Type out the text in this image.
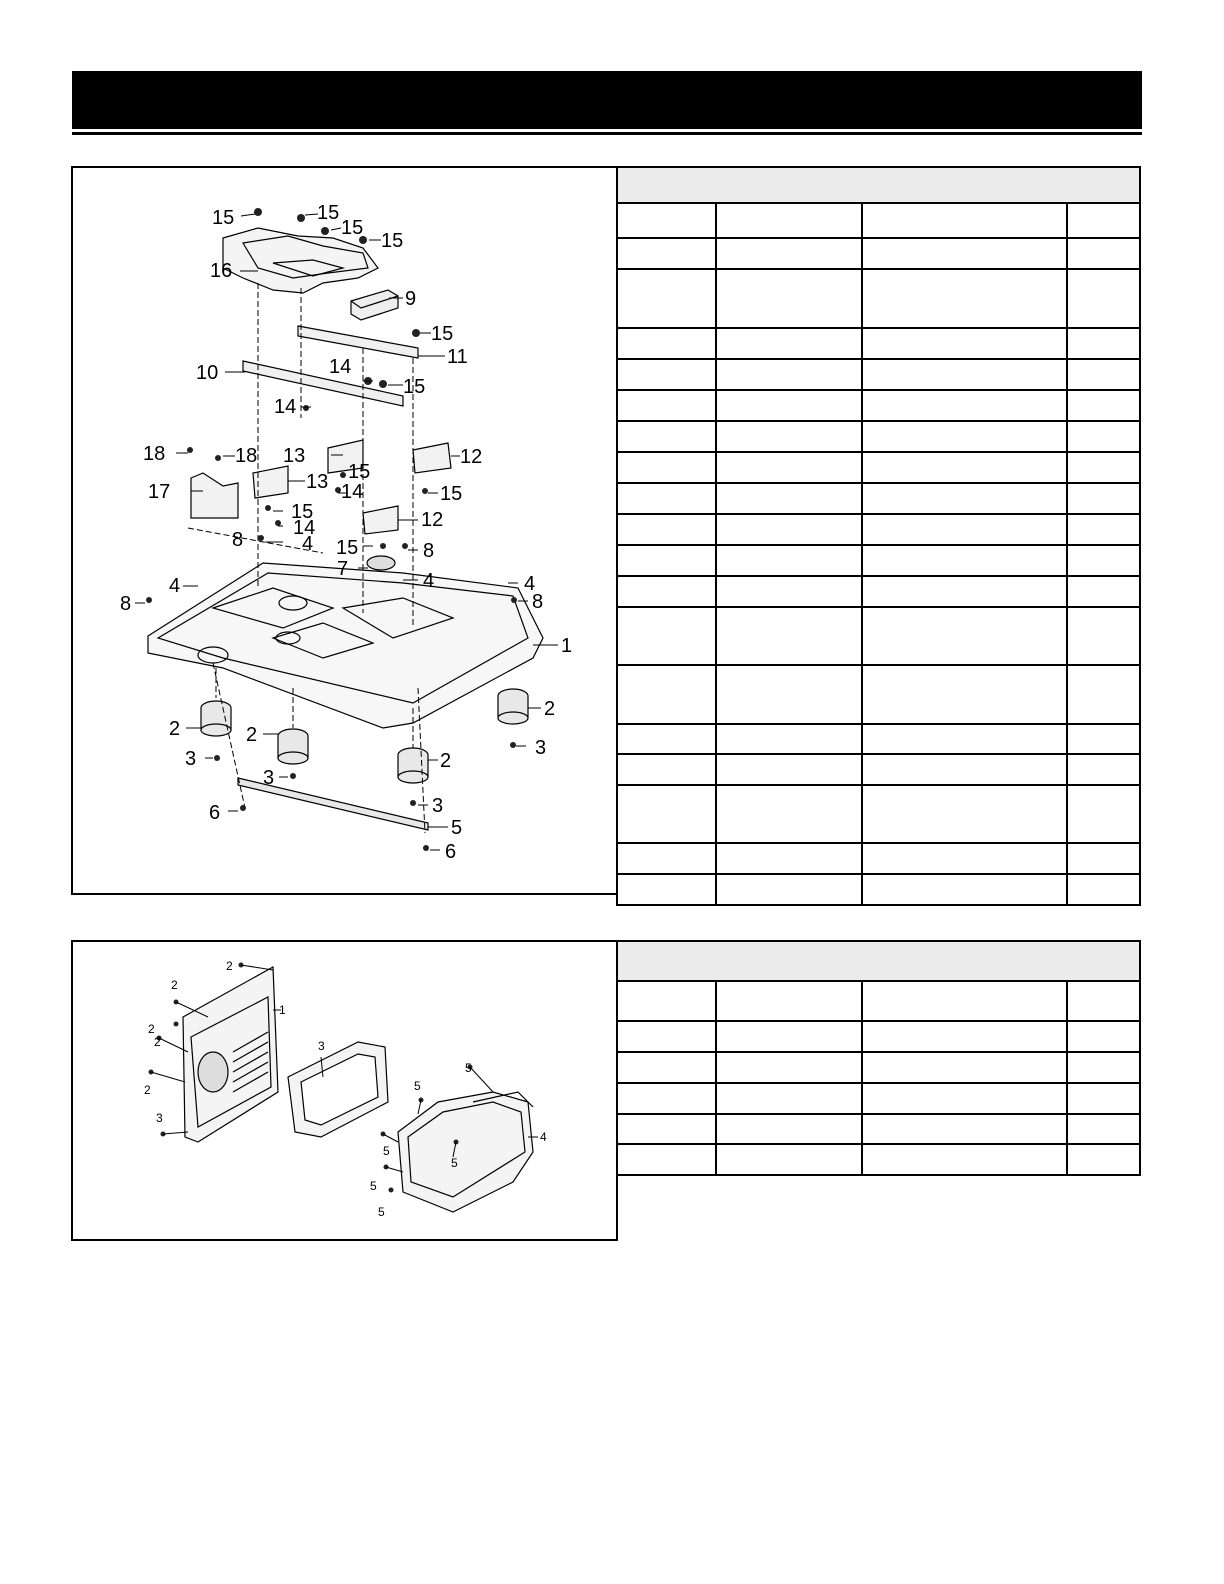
15	15
15
15
16
9
15
11
10	14
15
14
18	18 13	12
17	13 15
14	15
12
15
14
8	4 15	8
7
4	4	4
8	8
1
2
2	2
2
3	3
3
3
6
5
6

2
2
2
2
2
1
3
3
5
5
5
5
5
5
4
